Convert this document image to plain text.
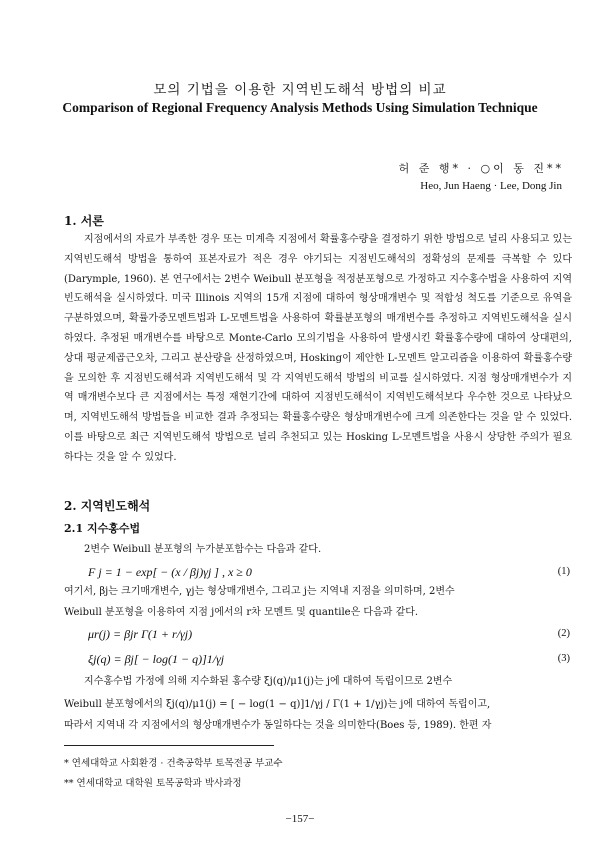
모의 기법을 이용한 지역빈도해석 방법의 비교
Comparison of Regional Frequency Analysis Methods Using Simulation Technique
허 준 행* · ○이 동 진**
Heo, Jun Haeng · Lee, Dong Jin
1. 서론

지점에서의 자료가 부족한 경우 또는 미계측 지점에서 확률홍수량을 결정하기 위한 방법으로 널리 사용되고 있는 지역빈도해석 방법을 통하여 표본자료가 적은 경우 야기되는 지점빈도해석의 정확성의 문제를 극복할 수 있다(Darymple, 1960). 본 연구에서는 2변수 Weibull 분포형을 적정분포형으로 가정하고 지수홍수법을 사용하여 지역빈도해석을 실시하였다. 미국 Illinois 지역의 15개 지점에 대하여 형상매개변수 및 적합성 척도를 기준으로 유역을 구분하였으며, 확률가중모멘트법과 L-모멘트법을 사용하여 확률분포형의 매개변수를 추정하고 지역빈도해석을 실시하였다. 추정된 매개변수를 바탕으로 Monte-Carlo 모의기법을 사용하여 발생시킨 확률홍수량에 대하여 상대편의, 상대 평균제곱근오차, 그리고 분산량을 산정하였으며, Hosking이 제안한 L-모멘트 알고리즘을 이용하여 확률홍수량을 모의한 후 지점빈도해석과 지역빈도해석 및 각 지역빈도해석 방법의 비교를 실시하였다. 지점 형상매개변수가 지역 매개변수보다 큰 지점에서는 특정 재현기간에 대하여 지점빈도해석이 지역빈도해석보다 우수한 것으로 나타났으며, 지역빈도해석 방법들을 비교한 결과 추정되는 확률홍수량은 형상매개변수에 크게 의존한다는 것을 알 수 있었다. 이를 바탕으로 최근 지역빈도해석 방법으로 널리 추천되고 있는 Hosking L-모멘트법을 사용시 상당한 주의가 필요하다는 것을 알 수 있었다.

2. 지역빈도해석
2.1 지수홍수법
2변수 Weibull 분포형의 누가분포함수는 다음과 같다.
F j = 1 − exp[ − (x / βj)γj ] , x ≥ 0	(1)
여기서, βj는 크기매개변수, γj는 형상매개변수, 그리고 j는 지역내 지점을 의미하며, 2변수
Weibull 분포형을 이용하여 지점 j에서의 r차 모멘트 및 quantile은 다음과 같다.
μr(j) = βjr Γ(1 + r/γj)	(2)
ξj(q) = βj[ − log(1 − q)]1/γj	(3)
지수홍수법 가정에 의해 지수화된 홍수량 ξj(q)/μ1(j)는 j에 대하여 독립이므로 2변수
Weibull 분포형에서의 ξj(q)/μ1(j) = [ − log(1 − q)]1/γj / Γ(1 + 1/γj)는 j에 대하여 독립이고,
따라서 지역내 각 지점에서의 형상매개변수가 동일하다는 것을 의미한다(Boes 등, 1989). 한편 자
* 연세대학교 사회환경 · 건축공학부 토목전공 부교수
** 연세대학교 대학원 토목공학과 박사과정
−157−
